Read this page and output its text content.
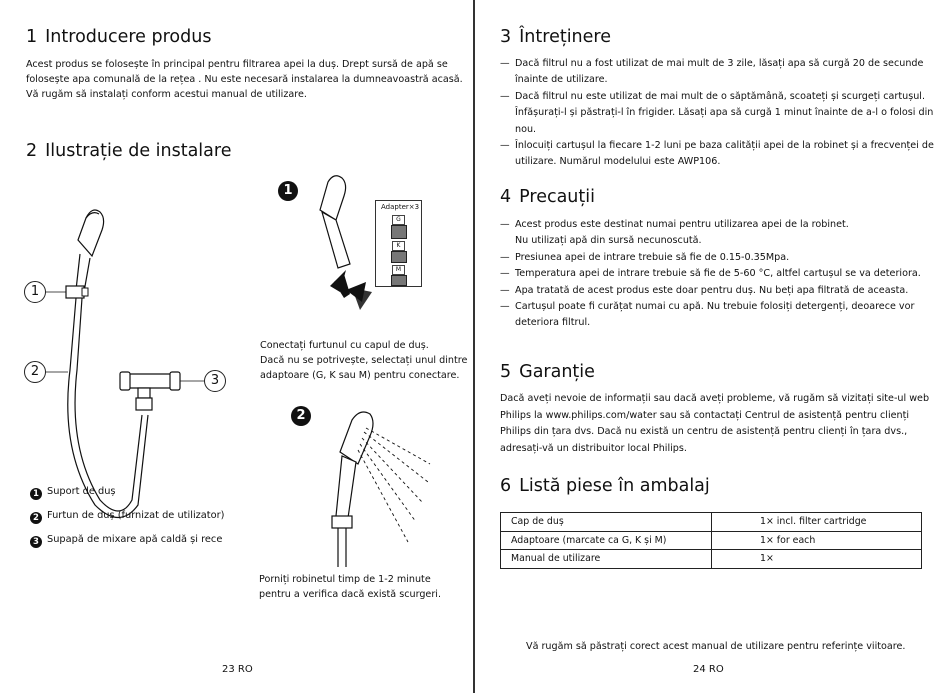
1 Introducere produs
Acest produs se folosește în principal pentru filtrarea apei la duș. Drept sursă de apă se
folosește apa comunală de la rețea . Nu este necesară instalarea la dumneavoastră acasă.
Vă rugăm să instalați conform acestui manual de utilizare.
2 Ilustrație de instalare
1
2
3
1
Adapter×3
G
K
M
Conectați furtunul cu capul de duș.
Dacă nu se potrivește, selectați unul dintre
adaptoare (G, K sau M) pentru conectare.
2
Porniți robinetul timp de 1-2 minute
pentru a verifica dacă există scurgeri.
1 Suport de duș
2 Furtun de duș (furnizat de utilizator)
3 Supapă de mixare apă caldă și rece
23 RO
3 Întreținere
— Dacă filtrul nu a fost utilizat de mai mult de 3 zile, lăsați apa să curgă 20 de secunde
înainte de utilizare.
— Dacă filtrul nu este utilizat de mai mult de o săptămână, scoateți și scurgeți cartușul.
Înfășurați-l și păstrați-l în frigider. Lăsați apa să curgă 1 minut înainte de a-l o folosi din nou.
— Înlocuiți cartușul la fiecare 1-2 luni pe baza calității apei de la robinet și a frecvenței de
utilizare. Numărul modelului este AWP106.
4 Precauții
— Acest produs este destinat numai pentru utilizarea apei de la robinet.
Nu utilizați apă din sursă necunoscută.
— Presiunea apei de intrare trebuie să fie de 0.15-0.35Mpa.
— Temperatura apei de intrare trebuie să fie de 5-60 °C, altfel cartușul se va deteriora.
— Apa tratată de acest produs este doar pentru duș. Nu beți apa filtrată de aceasta.
— Cartușul poate fi curățat numai cu apă. Nu trebuie folosiți detergenți, deoarece vor
deteriora filtrul.
5 Garanție
Dacă aveți nevoie de informații sau dacă aveți probleme, vă rugăm să vizitați site-ul web
Philips la www.philips.com/water sau să contactați Centrul de asistență pentru clienți
Philips din țara dvs. Dacă nu există un centru de asistență pentru clienți în țara dvs.,
adresați-vă un distribuitor local Philips.
6 Listă piese în ambalaj
Cap de duș	1× incl. filter cartridge
Adaptoare (marcate ca G, K și M)	1× for each
Manual de utilizare	1×
Vă rugăm să păstrați corect acest manual de utilizare pentru referințe viitoare.
24 RO
